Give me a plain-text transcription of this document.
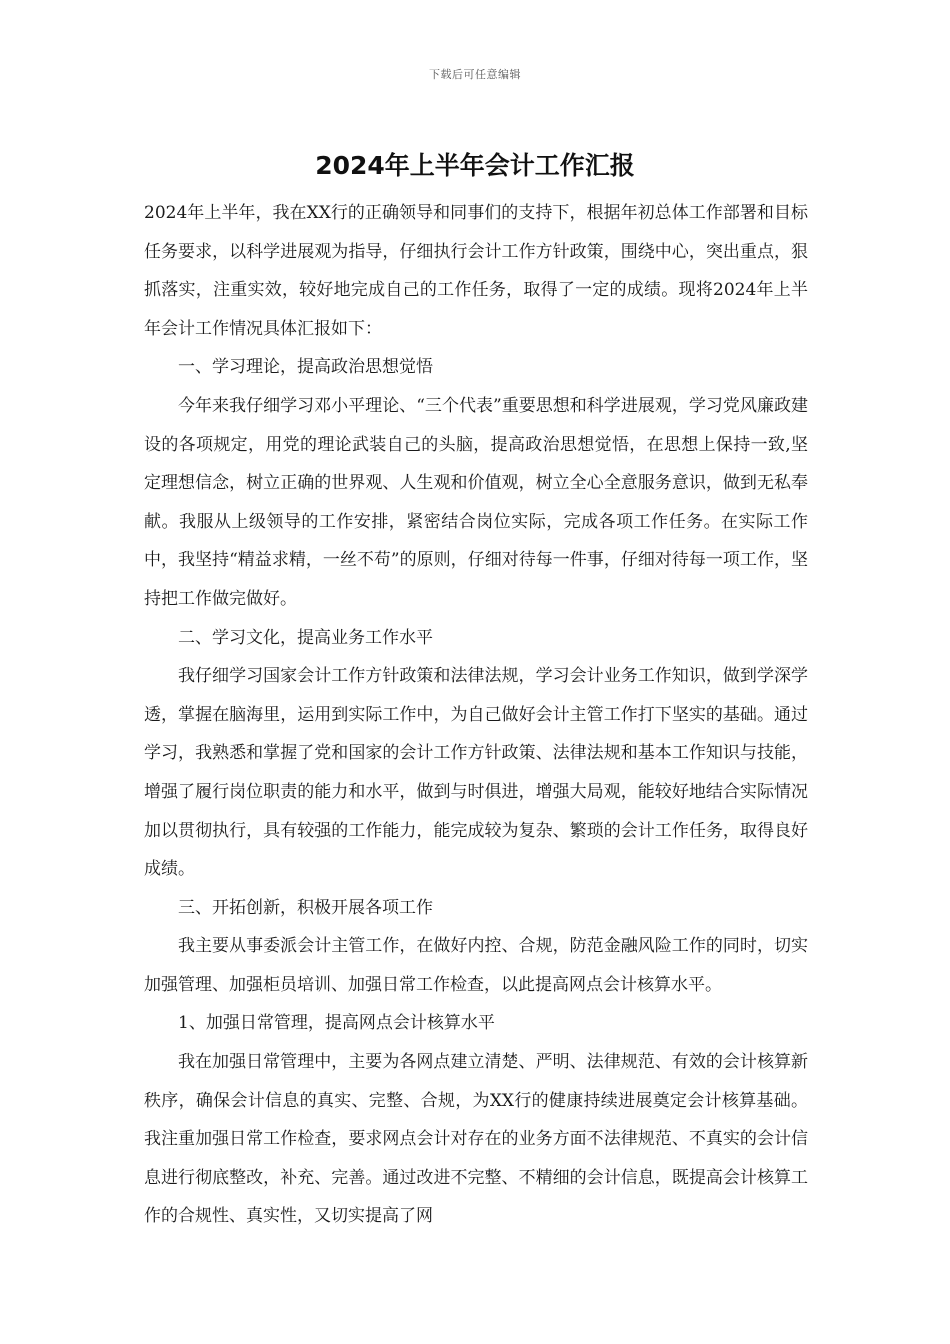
下载后可任意编辑
2024年上半年会计工作汇报

2024年上半年，我在XX行的正确领导和同事们的支持下，根据年初总体工作部署和目标任务要求，以科学进展观为指导，仔细执行会计工作方针政策，围绕中心，突出重点，狠抓落实，注重实效，较好地完成自己的工作任务，取得了一定的成绩。现将2024年上半年会计工作情况具体汇报如下：

一、学习理论，提高政治思想觉悟

今年来我仔细学习邓小平理论、“三个代表”重要思想和科学进展观，学习党风廉政建设的各项规定，用党的理论武装自己的头脑，提高政治思想觉悟，在思想上保持一致,坚定理想信念，树立正确的世界观、人生观和价值观，树立全心全意服务意识，做到无私奉献。我服从上级领导的工作安排，紧密结合岗位实际，完成各项工作任务。在实际工作中，我坚持“精益求精，一丝不苟”的原则，仔细对待每一件事，仔细对待每一项工作，坚持把工作做完做好。

二、学习文化，提高业务工作水平

我仔细学习国家会计工作方针政策和法律法规，学习会计业务工作知识，做到学深学透，掌握在脑海里，运用到实际工作中，为自己做好会计主管工作打下坚实的基础。通过学习，我熟悉和掌握了党和国家的会计工作方针政策、法律法规和基本工作知识与技能，增强了履行岗位职责的能力和水平，做到与时俱进，增强大局观，能较好地结合实际情况加以贯彻执行，具有较强的工作能力，能完成较为复杂、繁琐的会计工作任务，取得良好成绩。

三、开拓创新，积极开展各项工作

我主要从事委派会计主管工作，在做好内控、合规，防范金融风险工作的同时，切实加强管理、加强柜员培训、加强日常工作检查，以此提高网点会计核算水平。

1、加强日常管理，提高网点会计核算水平

我在加强日常管理中，主要为各网点建立清楚、严明、法律规范、有效的会计核算新秩序，确保会计信息的真实、完整、合规，为XX行的健康持续进展奠定会计核算基础。我注重加强日常工作检查，要求网点会计对存在的业务方面不法律规范、不真实的会计信息进行彻底整改，补充、完善。通过改进不完整、不精细的会计信息，既提高会计核算工作的合规性、真实性，又切实提高了网
